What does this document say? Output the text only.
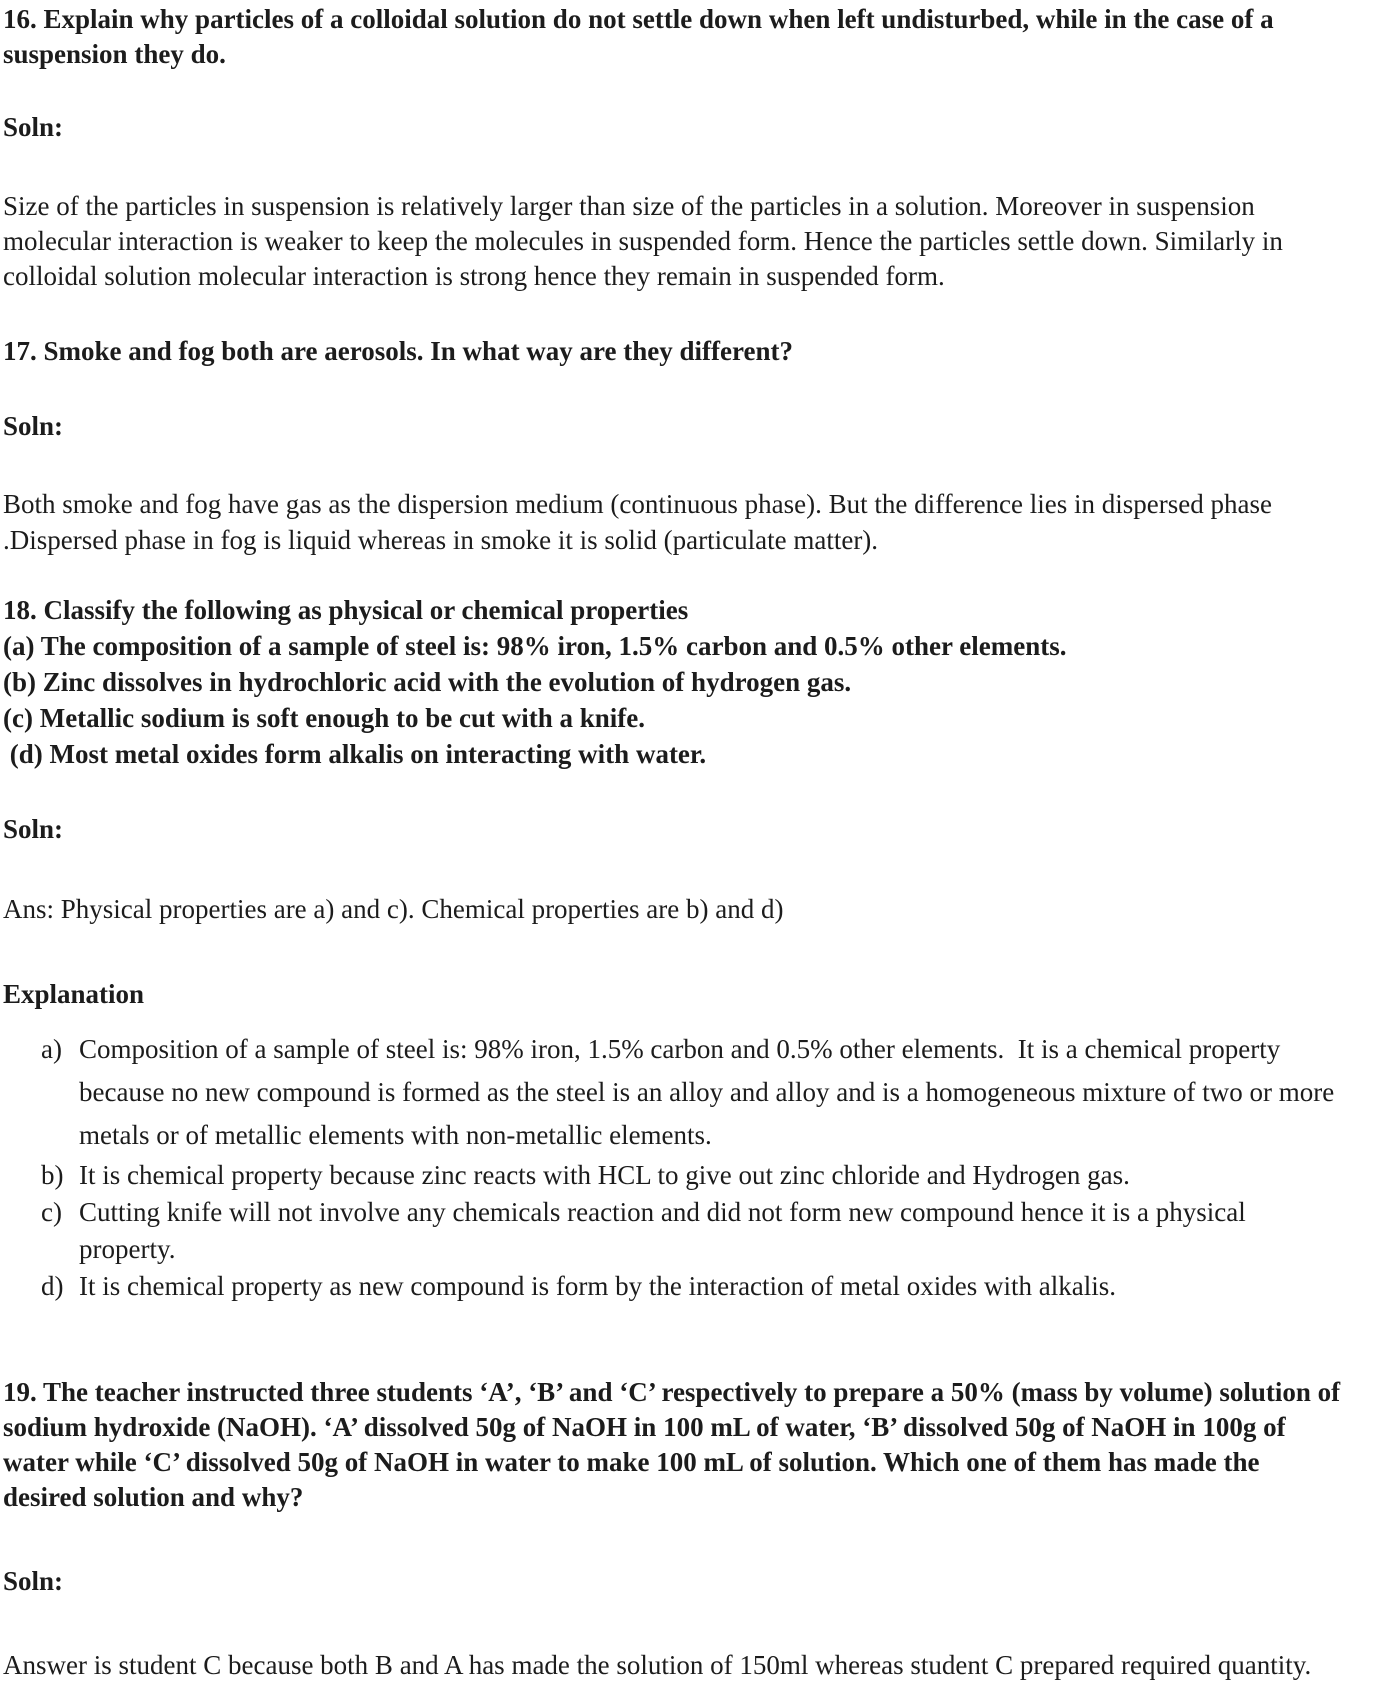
16. Explain why particles of a colloidal solution do not settle down when left undisturbed, while in the case of a suspension they do.

Soln:

Size of the particles in suspension is relatively larger than size of the particles in a solution. Moreover in suspension molecular interaction is weaker to keep the molecules in suspended form. Hence the particles settle down. Similarly in colloidal solution molecular interaction is strong hence they remain in suspended form.

17. Smoke and fog both are aerosols. In what way are they different?

Soln:

Both smoke and fog have gas as the dispersion medium (continuous phase). But the difference lies in dispersed phase .Dispersed phase in fog is liquid whereas in smoke it is solid (particulate matter).

18. Classify the following as physical or chemical properties

(a) The composition of a sample of steel is: 98% iron, 1.5% carbon and 0.5% other elements.
(b) Zinc dissolves in hydrochloric acid with the evolution of hydrogen gas.
(c) Metallic sodium is soft enough to be cut with a knife.
(d) Most metal oxides form alkalis on interacting with water.

Soln:

Ans: Physical properties are a) and c). Chemical properties are b) and d)

Explanation

a) Composition of a sample of steel is: 98% iron, 1.5% carbon and 0.5% other elements.  It is a chemical property because no new compound is formed as the steel is an alloy and alloy and is a homogeneous mixture of two or more metals or of metallic elements with non-metallic elements.
b) It is chemical property because zinc reacts with HCL to give out zinc chloride and Hydrogen gas.
c) Cutting knife will not involve any chemicals reaction and did not form new compound hence it is a physical property.
d) It is chemical property as new compound is form by the interaction of metal oxides with alkalis.

19. The teacher instructed three students ‘A’, ‘B’ and ‘C’ respectively to prepare a 50% (mass by volume) solution of sodium hydroxide (NaOH). ‘A’ dissolved 50g of NaOH in 100 mL of water, ‘B’ dissolved 50g of NaOH in 100g of water while ‘C’ dissolved 50g of NaOH in water to make 100 mL of solution. Which one of them has made the desired solution and why?

Soln:

Answer is student C because both B and A has made the solution of 150ml whereas student C prepared required quantity.
